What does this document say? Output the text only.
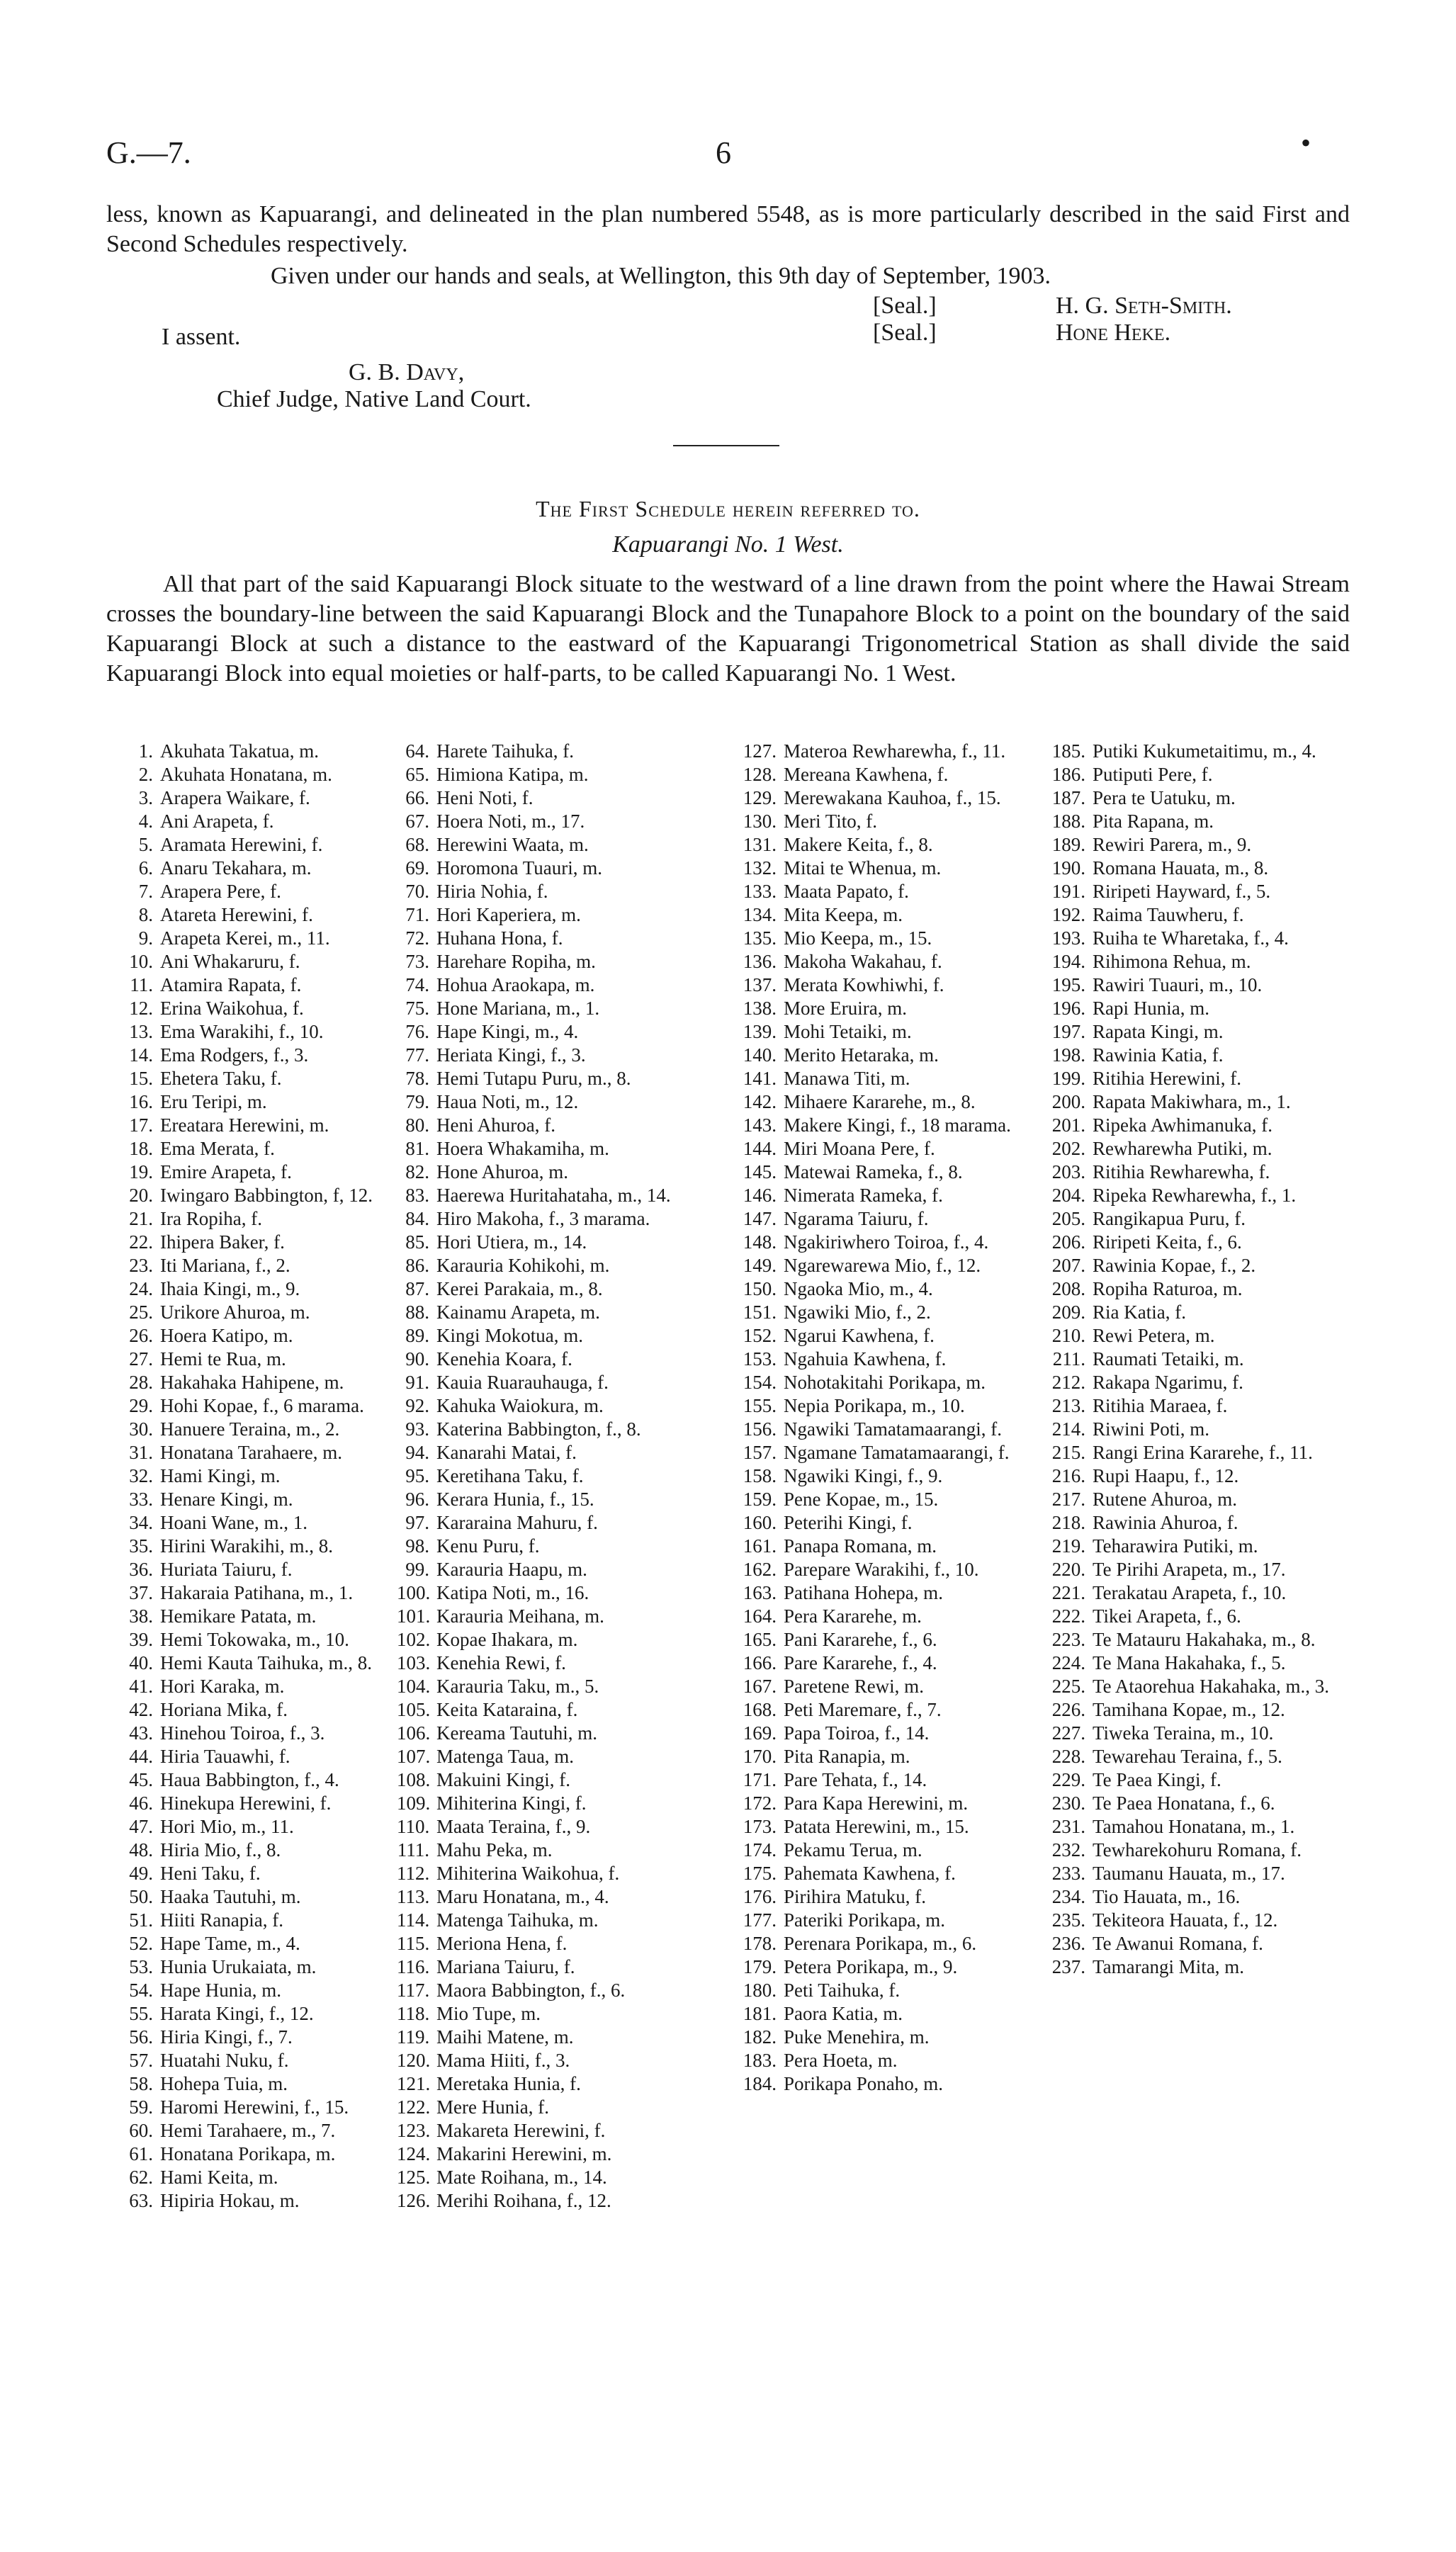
G.—7.	6	•
less, known as Kapuarangi, and delineated in the plan numbered 5548, as is more particularly described in the said First and Second Schedules respectively.
Given under our hands and seals, at Wellington, this 9th day of September, 1903.
[Seal.]	H. G. Seth-Smith.
I assent.	[Seal.]	Hone Heke.
G. B. Davy,
Chief Judge, Native Land Court.
The First Schedule herein referred to.
Kapuarangi No. 1 West.
All that part of the said Kapuarangi Block situate to the westward of a line drawn from the point where the Hawai Stream crosses the boundary-line between the said Kapuarangi Block and the Tunapahore Block to a point on the boundary of the said Kapuarangi Block at such a distance to the eastward of the Kapuarangi Trigonometrical Station as shall divide the said Kapuarangi Block into equal moieties or half-parts, to be called Kapuarangi No. 1 West.
1. Akuhata Takatua, m.
2. Akuhata Honatana, m.
3. Arapera Waikare, f.
4. Ani Arapeta, f.
5. Aramata Herewini, f.
6. Anaru Tekahara, m.
7. Arapera Pere, f.
8. Atareta Herewini, f.
9. Arapeta Kerei, m., 11.
10. Ani Whakaruru, f.
11. Atamira Rapata, f.
12. Erina Waikohua, f.
13. Ema Warakihi, f., 10.
14. Ema Rodgers, f., 3.
15. Ehetera Taku, f.
16. Eru Teripi, m.
17. Ereatara Herewini, m.
18. Ema Merata, f.
19. Emire Arapeta, f.
20. Iwingaro Babbington, f, 12.
21. Ira Ropiha, f.
22. Ihipera Baker, f.
23. Iti Mariana, f., 2.
24. Ihaia Kingi, m., 9.
25. Urikore Ahuroa, m.
26. Hoera Katipo, m.
27. Hemi te Rua, m.
28. Hakahaka Hahipene, m.
29. Hohi Kopae, f., 6 marama.
30. Hanuere Teraina, m., 2.
31. Honatana Tarahaere, m.
32. Hami Kingi, m.
33. Henare Kingi, m.
34. Hoani Wane, m., 1.
35. Hirini Warakihi, m., 8.
36. Huriata Taiuru, f.
37. Hakaraia Patihana, m., 1.
38. Hemikare Patata, m.
39. Hemi Tokowaka, m., 10.
40. Hemi Kauta Taihuka, m., 8.
41. Hori Karaka, m.
42. Horiana Mika, f.
43. Hinehou Toiroa, f., 3.
44. Hiria Tauawhi, f.
45. Haua Babbington, f., 4.
46. Hinekupa Herewini, f.
47. Hori Mio, m., 11.
48. Hiria Mio, f., 8.
49. Heni Taku, f.
50. Haaka Tautuhi, m.
51. Hiiti Ranapia, f.
52. Hape Tame, m., 4.
53. Hunia Urukaiata, m.
54. Hape Hunia, m.
55. Harata Kingi, f., 12.
56. Hiria Kingi, f., 7.
57. Huatahi Nuku, f.
58. Hohepa Tuia, m.
59. Haromi Herewini, f., 15.
60. Hemi Tarahaere, m., 7.
61. Honatana Porikapa, m.
62. Hami Keita, m.
63. Hipiria Hokau, m.
64. Harete Taihuka, f.
65. Himiona Katipa, m.
66. Heni Noti, f.
67. Hoera Noti, m., 17.
68. Herewini Waata, m.
69. Horomona Tuauri, m.
70. Hiria Nohia, f.
71. Hori Kaperiera, m.
72. Huhana Hona, f.
73. Harehare Ropiha, m.
74. Hohua Araokapa, m.
75. Hone Mariana, m., 1.
76. Hape Kingi, m., 4.
77. Heriata Kingi, f., 3.
78. Hemi Tutapu Puru, m., 8.
79. Haua Noti, m., 12.
80. Heni Ahuroa, f.
81. Hoera Whakamiha, m.
82. Hone Ahuroa, m.
83. Haerewa Huritahataha, m., 14.
84. Hiro Makoha, f., 3 marama.
85. Hori Utiera, m., 14.
86. Karauria Kohikohi, m.
87. Kerei Parakaia, m., 8.
88. Kainamu Arapeta, m.
89. Kingi Mokotua, m.
90. Kenehia Koara, f.
91. Kauia Ruarauhauga, f.
92. Kahuka Waiokura, m.
93. Katerina Babbington, f., 8.
94. Kanarahi Matai, f.
95. Keretihana Taku, f.
96. Kerara Hunia, f., 15.
97. Kararaina Mahuru, f.
98. Kenu Puru, f.
99. Karauria Haapu, m.
100. Katipa Noti, m., 16.
101. Karauria Meihana, m.
102. Kopae Ihakara, m.
103. Kenehia Rewi, f.
104. Karauria Taku, m., 5.
105. Keita Kataraina, f.
106. Kereama Tautuhi, m.
107. Matenga Taua, m.
108. Makuini Kingi, f.
109. Mihiterina Kingi, f.
110. Maata Teraina, f., 9.
111. Mahu Peka, m.
112. Mihiterina Waikohua, f.
113. Maru Honatana, m., 4.
114. Matenga Taihuka, m.
115. Meriona Hena, f.
116. Mariana Taiuru, f.
117. Maora Babbington, f., 6.
118. Mio Tupe, m.
119. Maihi Matene, m.
120. Mama Hiiti, f., 3.
121. Meretaka Hunia, f.
122. Mere Hunia, f.
123. Makareta Herewini, f.
124. Makarini Herewini, m.
125. Mate Roihana, m., 14.
126. Merihi Roihana, f., 12.
127. Materoa Rewharewha, f., 11.
128. Mereana Kawhena, f.
129. Merewakana Kauhoa, f., 15.
130. Meri Tito, f.
131. Makere Keita, f., 8.
132. Mitai te Whenua, m.
133. Maata Papato, f.
134. Mita Keepa, m.
135. Mio Keepa, m., 15.
136. Makoha Wakahau, f.
137. Merata Kowhiwhi, f.
138. More Eruira, m.
139. Mohi Tetaiki, m.
140. Merito Hetaraka, m.
141. Manawa Titi, m.
142. Mihaere Kararehe, m., 8.
143. Makere Kingi, f., 18 marama.
144. Miri Moana Pere, f.
145. Matewai Rameka, f., 8.
146. Nimerata Rameka, f.
147. Ngarama Taiuru, f.
148. Ngakiriwhero Toiroa, f., 4.
149. Ngarewarewa Mio, f., 12.
150. Ngaoka Mio, m., 4.
151. Ngawiki Mio, f., 2.
152. Ngarui Kawhena, f.
153. Ngahuia Kawhena, f.
154. Nohotakitahi Porikapa, m.
155. Nepia Porikapa, m., 10.
156. Ngawiki Tamatamaarangi, f.
157. Ngamane Tamatamaarangi, f.
158. Ngawiki Kingi, f., 9.
159. Pene Kopae, m., 15.
160. Peterihi Kingi, f.
161. Panapa Romana, m.
162. Parepare Warakihi, f., 10.
163. Patihana Hohepa, m.
164. Pera Kararehe, m.
165. Pani Kararehe, f., 6.
166. Pare Kararehe, f., 4.
167. Paretene Rewi, m.
168. Peti Maremare, f., 7.
169. Papa Toiroa, f., 14.
170. Pita Ranapia, m.
171. Pare Tehata, f., 14.
172. Para Kapa Herewini, m.
173. Patata Herewini, m., 15.
174. Pekamu Terua, m.
175. Pahemata Kawhena, f.
176. Pirihira Matuku, f.
177. Pateriki Porikapa, m.
178. Perenara Porikapa, m., 6.
179. Petera Porikapa, m., 9.
180. Peti Taihuka, f.
181. Paora Katia, m.
182. Puke Menehira, m.
183. Pera Hoeta, m.
184. Porikapa Ponaho, m.
185. Putiki Kukumetaitimu, m., 4.
186. Putiputi Pere, f.
187. Pera te Uatuku, m.
188. Pita Rapana, m.
189. Rewiri Parera, m., 9.
190. Romana Hauata, m., 8.
191. Riripeti Hayward, f., 5.
192. Raima Tauwheru, f.
193. Ruiha te Wharetaka, f., 4.
194. Rihimona Rehua, m.
195. Rawiri Tuauri, m., 10.
196. Rapi Hunia, m.
197. Rapata Kingi, m.
198. Rawinia Katia, f.
199. Ritihia Herewini, f.
200. Rapata Makiwhara, m., 1.
201. Ripeka Awhimanuka, f.
202. Rewharewha Putiki, m.
203. Ritihia Rewharewha, f.
204. Ripeka Rewharewha, f., 1.
205. Rangikapua Puru, f.
206. Riripeti Keita, f., 6.
207. Rawinia Kopae, f., 2.
208. Ropiha Raturoa, m.
209. Ria Katia, f.
210. Rewi Petera, m.
211. Raumati Tetaiki, m.
212. Rakapa Ngarimu, f.
213. Ritihia Maraea, f.
214. Riwini Poti, m.
215. Rangi Erina Kararehe, f., 11.
216. Rupi Haapu, f., 12.
217. Rutene Ahuroa, m.
218. Rawinia Ahuroa, f.
219. Teharawira Putiki, m.
220. Te Pirihi Arapeta, m., 17.
221. Terakatau Arapeta, f., 10.
222. Tikei Arapeta, f., 6.
223. Te Matauru Hakahaka, m., 8.
224. Te Mana Hakahaka, f., 5.
225. Te Ataorehua Hakahaka, m., 3.
226. Tamihana Kopae, m., 12.
227. Tiweka Teraina, m., 10.
228. Tewarehau Teraina, f., 5.
229. Te Paea Kingi, f.
230. Te Paea Honatana, f., 6.
231. Tamahou Honatana, m., 1.
232. Tewharekohuru Romana, f.
233. Taumanu Hauata, m., 17.
234. Tio Hauata, m., 16.
235. Tekiteora Hauata, f., 12.
236. Te Awanui Romana, f.
237. Tamarangi Mita, m.
